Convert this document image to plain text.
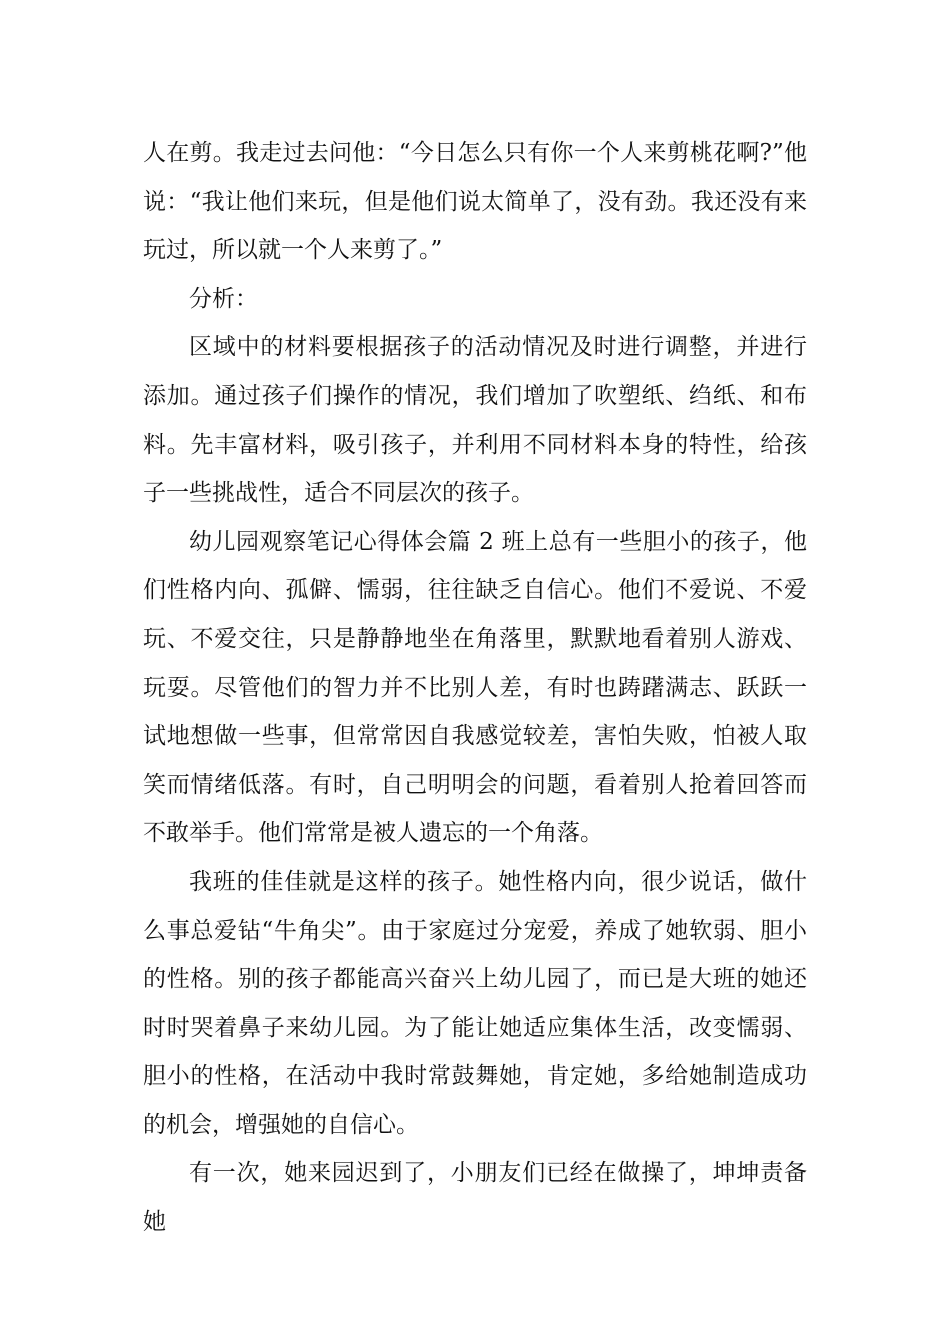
人在剪。我走过去问他：“今日怎么只有你一个人来剪桃花啊?”他说：“我让他们来玩，但是他们说太简单了，没有劲。我还没有来玩过，所以就一个人来剪了。”

分析：

区域中的材料要根据孩子的活动情况及时进行调整，并进行添加。通过孩子们操作的情况，我们增加了吹塑纸、绉纸、和布料。先丰富材料，吸引孩子，并利用不同材料本身的特性，给孩子一些挑战性，适合不同层次的孩子。

幼儿园观察笔记心得体会篇 2 班上总有一些胆小的孩子，他们性格内向、孤僻、懦弱，往往缺乏自信心。他们不爱说、不爱玩、不爱交往，只是静静地坐在角落里，默默地看着别人游戏、玩耍。尽管他们的智力并不比别人差，有时也踌躇满志、跃跃一试地想做一些事，但常常因自我感觉较差，害怕失败，怕被人取笑而情绪低落。有时，自己明明会的问题，看着别人抢着回答而不敢举手。他们常常是被人遗忘的一个角落。

我班的佳佳就是这样的孩子。她性格内向，很少说话，做什么事总爱钻“牛角尖”。由于家庭过分宠爱，养成了她软弱、胆小的性格。别的孩子都能高兴奋兴上幼儿园了，而已是大班的她还时时哭着鼻子来幼儿园。为了能让她适应集体生活，改变懦弱、胆小的性格，在活动中我时常鼓舞她，肯定她，多给她制造成功的机会，增强她的自信心。

有一次，她来园迟到了，小朋友们已经在做操了，坤坤责备她
